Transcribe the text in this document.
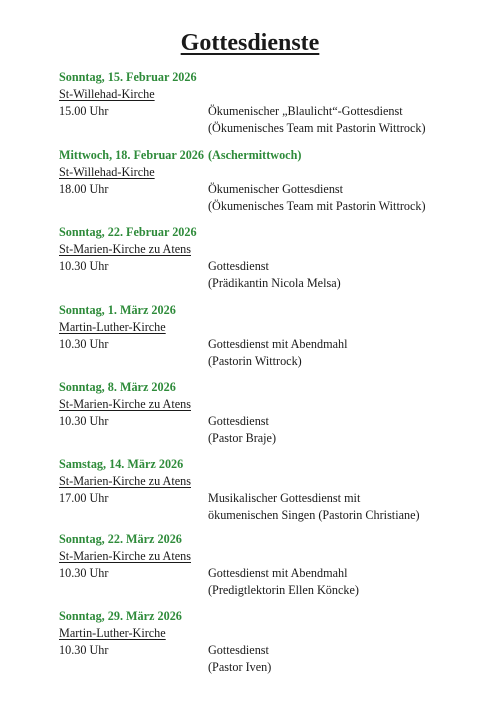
Gottesdienste
Sonntag, 15. Februar 2026
St-Willehad-Kirche
15.00 Uhr	Ökumenischer „Blaulicht“-Gottesdienst
(Ökumenisches Team mit Pastorin Wittrock)
Mittwoch, 18. Februar 2026 (Aschermittwoch)
St-Willehad-Kirche
18.00 Uhr	Ökumenischer Gottesdienst
(Ökumenisches Team mit Pastorin Wittrock)
Sonntag, 22. Februar 2026
St-Marien-Kirche zu Atens
10.30 Uhr	Gottesdienst
(Prädikantin Nicola Melsa)
Sonntag, 1. März 2026
Martin-Luther-Kirche
10.30 Uhr	Gottesdienst mit Abendmahl
(Pastorin Wittrock)
Sonntag, 8. März 2026
St-Marien-Kirche zu Atens
10.30 Uhr	Gottesdienst
(Pastor Braje)
Samstag, 14. März 2026
St-Marien-Kirche zu Atens
17.00 Uhr	Musikalischer Gottesdienst mit
ökumenischen Singen (Pastorin Christiane)
Sonntag, 22. März 2026
St-Marien-Kirche zu Atens
10.30 Uhr	Gottesdienst mit Abendmahl
(Predigtlektorin Ellen Köncke)
Sonntag, 29. März 2026
Martin-Luther-Kirche
10.30 Uhr	Gottesdienst
(Pastor Iven)
